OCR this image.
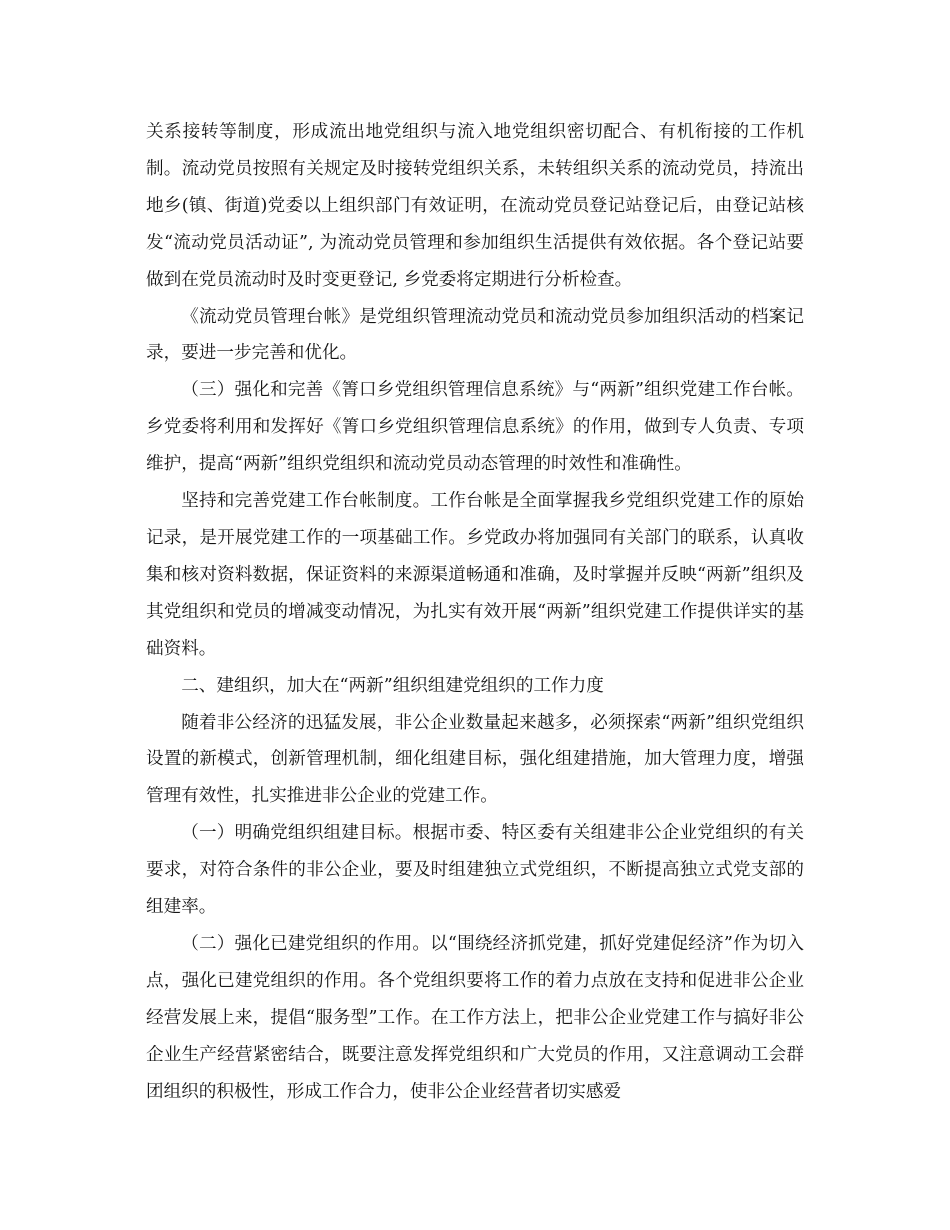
关系接转等制度，形成流出地党组织与流入地党组织密切配合、有机衔接的工作机制。流动党员按照有关规定及时接转党组织关系，未转组织关系的流动党员，持流出地乡(镇、街道)党委以上组织部门有效证明，在流动党员登记站登记后，由登记站核发“流动党员活动证”, 为流动党员管理和参加组织生活提供有效依据。各个登记站要做到在党员流动时及时变更登记, 乡党委将定期进行分析检查。

《流动党员管理台帐》是党组织管理流动党员和流动党员参加组织活动的档案记录，要进一步完善和优化。

（三）强化和完善《箐口乡党组织管理信息系统》与“两新”组织党建工作台帐。乡党委将利用和发挥好《箐口乡党组织管理信息系统》的作用，做到专人负责、专项维护，提高“两新”组织党组织和流动党员动态管理的时效性和准确性。

坚持和完善党建工作台帐制度。工作台帐是全面掌握我乡党组织党建工作的原始记录，是开展党建工作的一项基础工作。乡党政办将加强同有关部门的联系，认真收集和核对资料数据，保证资料的来源渠道畅通和准确，及时掌握并反映“两新”组织及其党组织和党员的增减变动情况，为扎实有效开展“两新”组织党建工作提供详实的基础资料。

二、建组织，加大在“两新”组织组建党组织的工作力度

随着非公经济的迅猛发展，非公企业数量起来越多，必须探索“两新”组织党组织设置的新模式，创新管理机制，细化组建目标，强化组建措施，加大管理力度，增强管理有效性，扎实推进非公企业的党建工作。

（一）明确党组织组建目标。根据市委、特区委有关组建非公企业党组织的有关要求，对符合条件的非公企业，要及时组建独立式党组织，不断提高独立式党支部的组建率。

（二）强化已建党组织的作用。以“围绕经济抓党建，抓好党建促经济”作为切入点，强化已建党组织的作用。各个党组织要将工作的着力点放在支持和促进非公企业经营发展上来，提倡“服务型”工作。在工作方法上，把非公企业党建工作与搞好非公企业生产经营紧密结合，既要注意发挥党组织和广大党员的作用，又注意调动工会群团组织的积极性，形成工作合力，使非公企业经营者切实感爱
